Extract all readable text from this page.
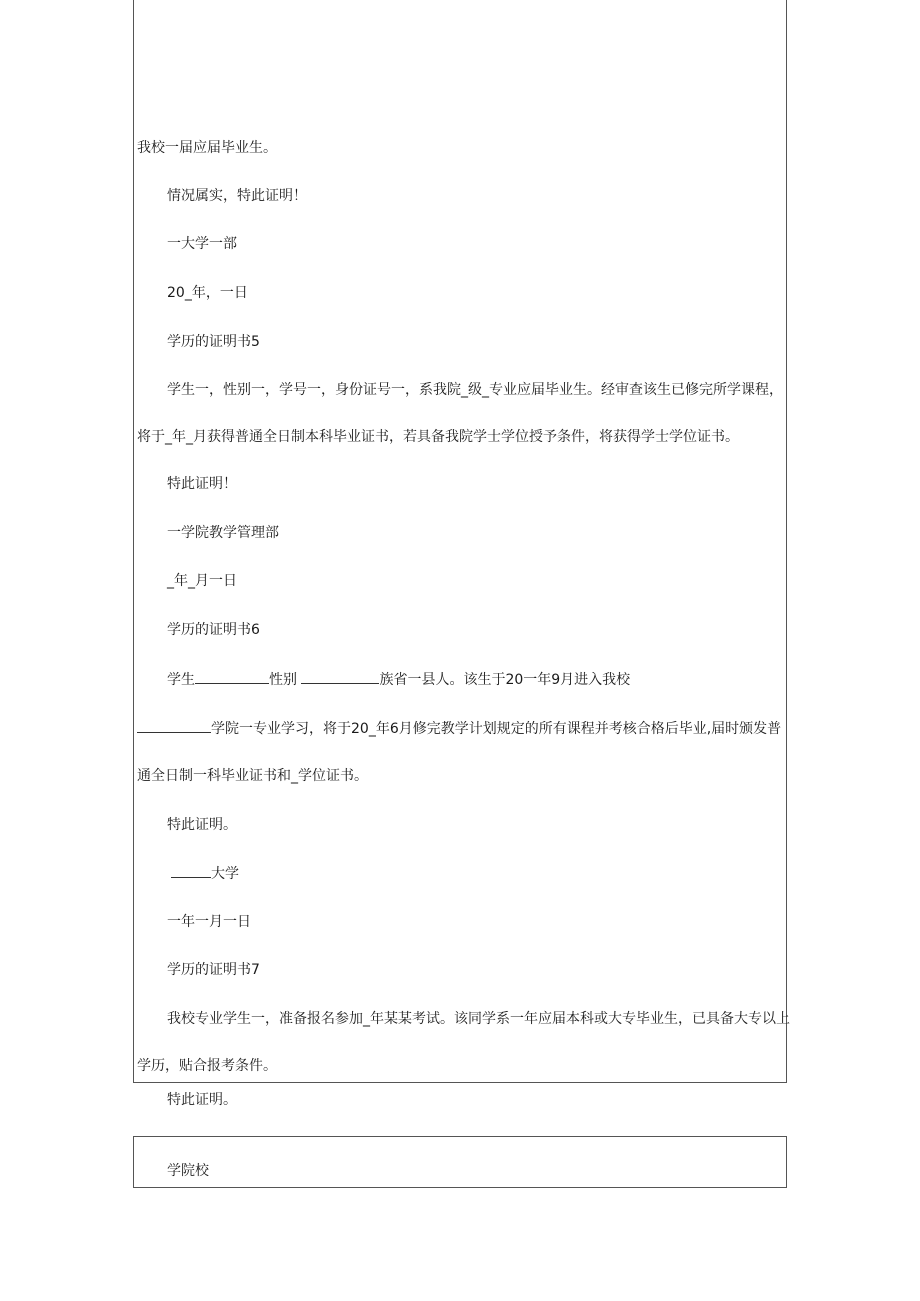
我校一届应届毕业生。
情况属实，特此证明！
一大学一部
20_年，一日
学历的证明书5
学生一，性别一，学号一，身份证号一，系我院_级_专业应届毕业生。经审查该生已修完所学课程，
将于_年_月获得普通全日制本科毕业证书，若具备我院学士学位授予条件，将获得学士学位证书。
特此证明！
一学院教学管理部
_年_月一日
学历的证明书6
学生	性别	族省一县人。该生于20一年9月进入我校
学院一专业学习，将于20_年6月修完教学计划规定的所有课程并考核合格后毕业,届时颁发普
通全日制一科毕业证书和_学位证书。
特此证明。
大学
一年一月一日
学历的证明书7
我校专业学生一，准备报名参加_年某某考试。该同学系一年应届本科或大专毕业生，已具备大专以上
学历，贴合报考条件。
特此证明。
学院校
